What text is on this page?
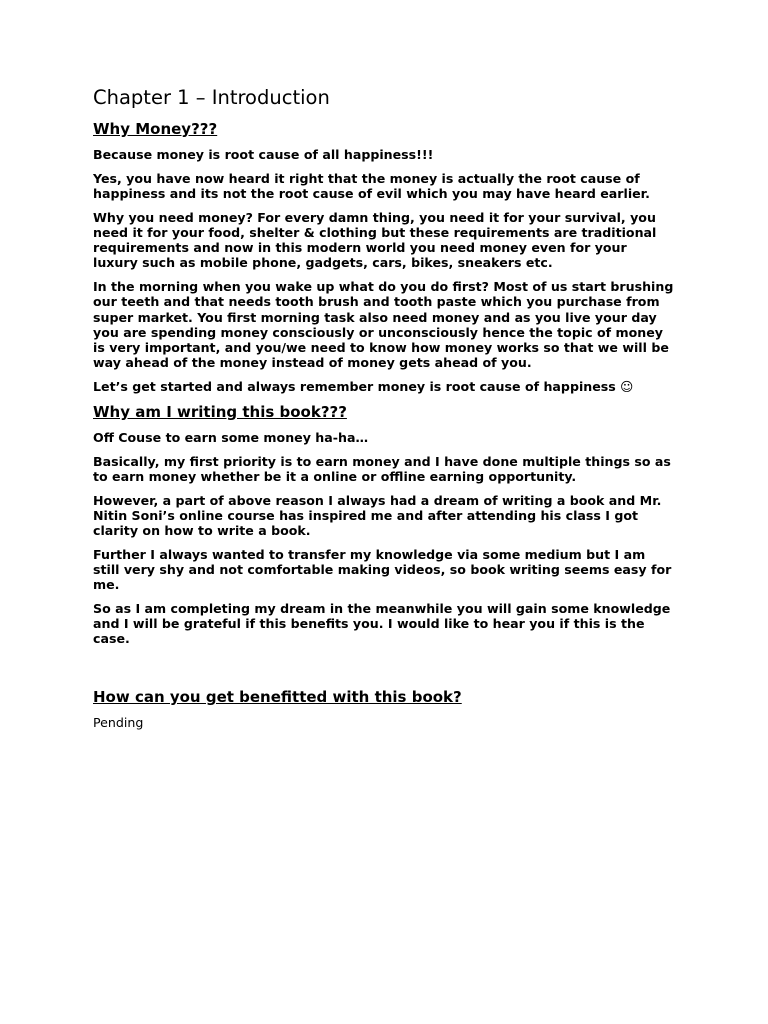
Chapter 1 – Introduction
Why Money???

Because money is root cause of all happiness!!!

Yes, you have now heard it right that the money is actually the root cause of happiness and its not the root cause of evil which you may have heard earlier.

Why you need money? For every damn thing, you need it for your survival, you need it for your food, shelter & clothing but these requirements are traditional requirements and now in this modern world you need money even for your luxury such as mobile phone, gadgets, cars, bikes, sneakers etc.

In the morning when you wake up what do you do first? Most of us start brushing our teeth and that needs tooth brush and tooth paste which you purchase from super market. You first morning task also need money and as you live your day you are spending money consciously or unconsciously hence the topic of money is very important, and you/we need to know how money works so that we will be way ahead of the money instead of money gets ahead of you.

Let’s get started and always remember money is root cause of happiness ☺

Why am I writing this book???

Off Couse to earn some money ha-ha…

Basically, my first priority is to earn money and I have done multiple things so as to earn money whether be it a online or offline earning opportunity.

However, a part of above reason I always had a dream of writing a book and Mr. Nitin Soni’s online course has inspired me and after attending his class I got clarity on how to write a book.

Further I always wanted to transfer my knowledge via some medium but I am still very shy and not comfortable making videos, so book writing seems easy for me.

So as I am completing my dream in the meanwhile you will gain some knowledge and I will be grateful if this benefits you. I would like to hear you if this is the case.

How can you get benefitted with this book?

Pending
